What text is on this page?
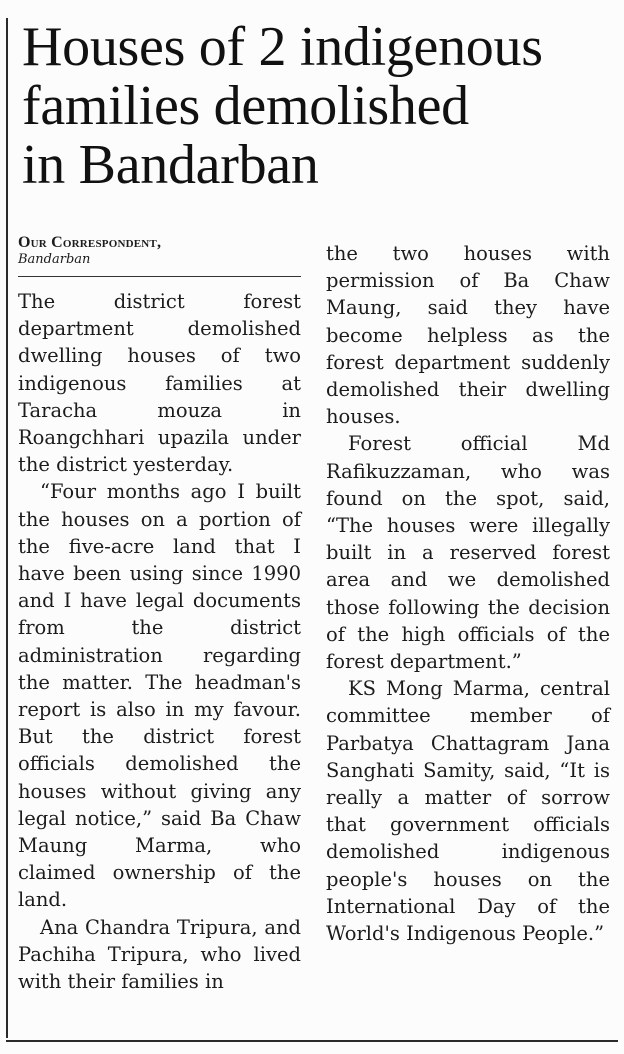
Houses of 2 indigenous
families demolished
in Bandarban
Our Correspondent,
Bandarban

The district forest department demolished dwelling houses of two indigenous families at Taracha mouza in Roangchhari upazila under the district yesterday.

“Four months ago I built the houses on a portion of the five-acre land that I have been using since 1990 and I have legal documents from the district administration regarding the matter. The headman's report is also in my favour. But the district forest officials demolished the houses without giving any legal notice,” said Ba Chaw Maung Marma, who claimed ownership of the land.

Ana Chandra Tripura, and Pachiha Tripura, who lived with their families in

the two houses with permission of Ba Chaw Maung, said they have become helpless as the forest department suddenly demolished their dwelling houses.

Forest official Md Rafikuzzaman, who was found on the spot, said, “The houses were illegally built in a reserved forest area and we demolished those following the decision of the high officials of the forest department.”

KS Mong Marma, central committee member of Parbatya Chattagram Jana Sanghati Samity, said, “It is really a matter of sorrow that government officials demolished indigenous people's houses on the International Day of the World's Indigenous People.”
